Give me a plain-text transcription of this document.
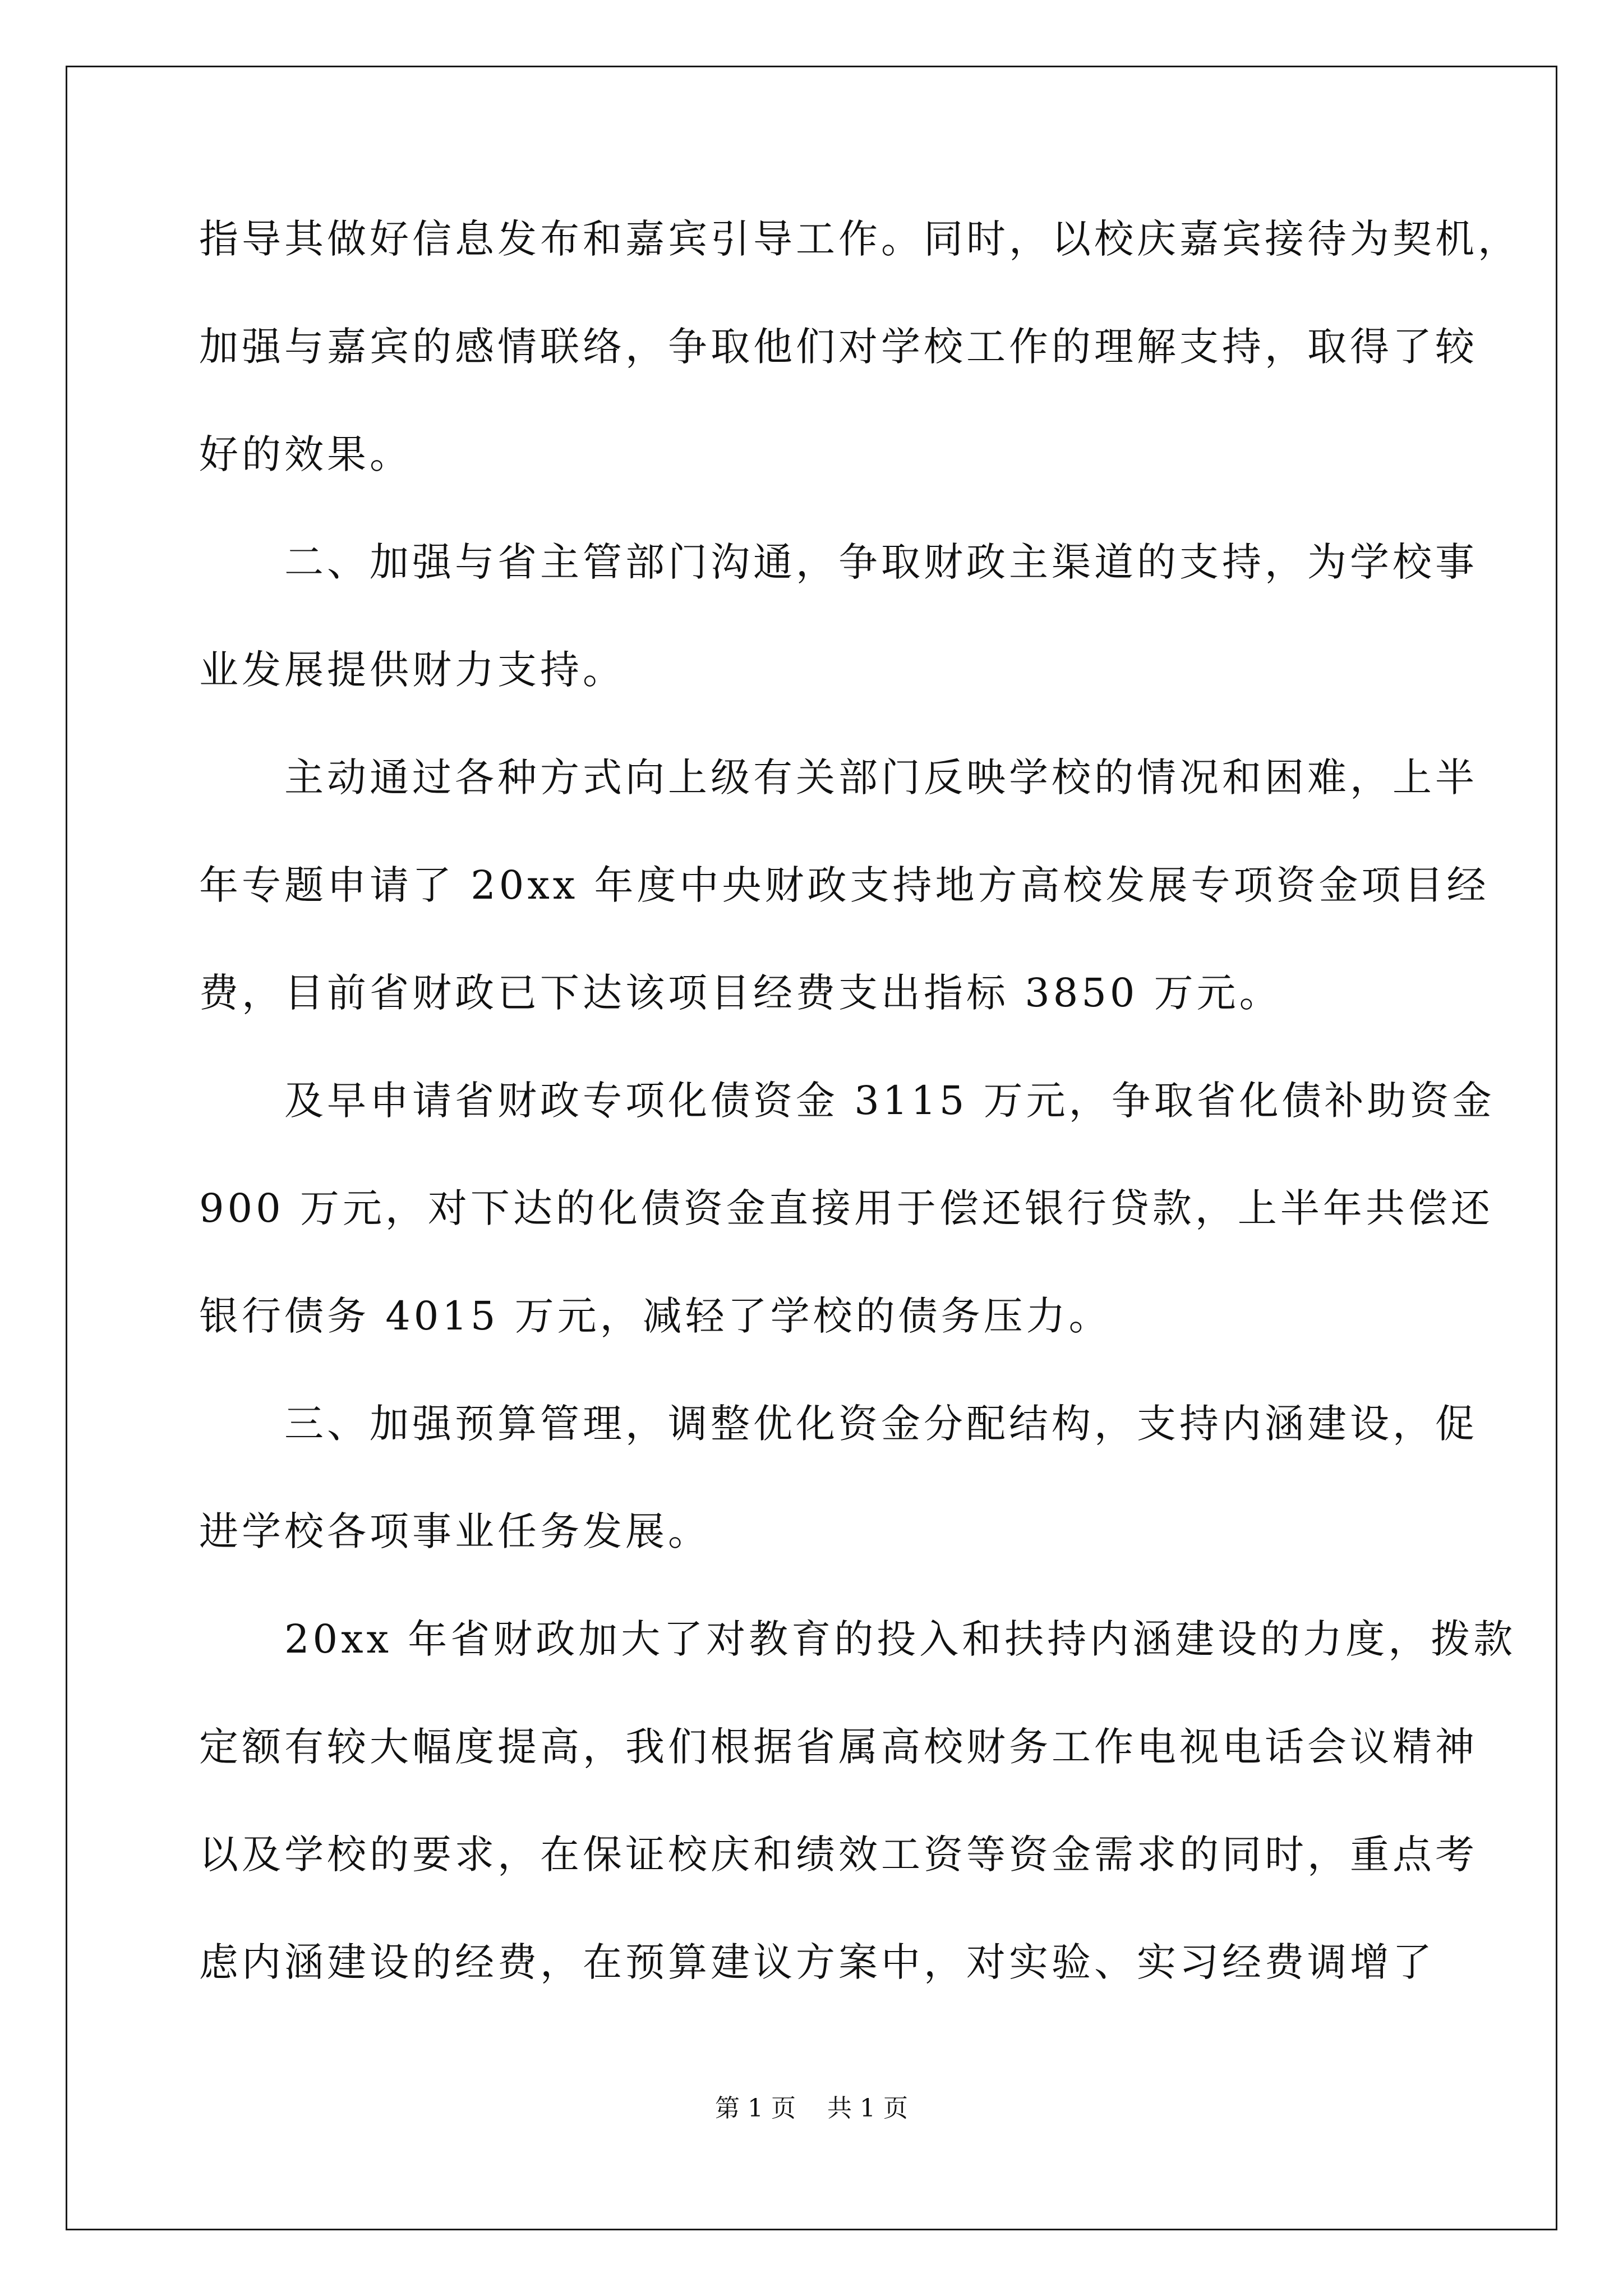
指导其做好信息发布和嘉宾引导工作。同时，以校庆嘉宾接待为契机，
加强与嘉宾的感情联络，争取他们对学校工作的理解支持，取得了较
好的效果。
　　二、加强与省主管部门沟通，争取财政主渠道的支持，为学校事
业发展提供财力支持。
　　主动通过各种方式向上级有关部门反映学校的情况和困难，上半
年专题申请了 20xx 年度中央财政支持地方高校发展专项资金项目经
费，目前省财政已下达该项目经费支出指标 3850 万元。
　　及早申请省财政专项化债资金 3115 万元，争取省化债补助资金
900 万元，对下达的化债资金直接用于偿还银行贷款，上半年共偿还
银行债务 4015 万元，减轻了学校的债务压力。
　　三、加强预算管理，调整优化资金分配结构，支持内涵建设，促
进学校各项事业任务发展。
　　20xx 年省财政加大了对教育的投入和扶持内涵建设的力度，拨款
定额有较大幅度提高，我们根据省属高校财务工作电视电话会议精神
以及学校的要求，在保证校庆和绩效工资等资金需求的同时，重点考
虑内涵建设的经费，在预算建议方案中，对实验、实习经费调增了
第 1 页 共 1 页
